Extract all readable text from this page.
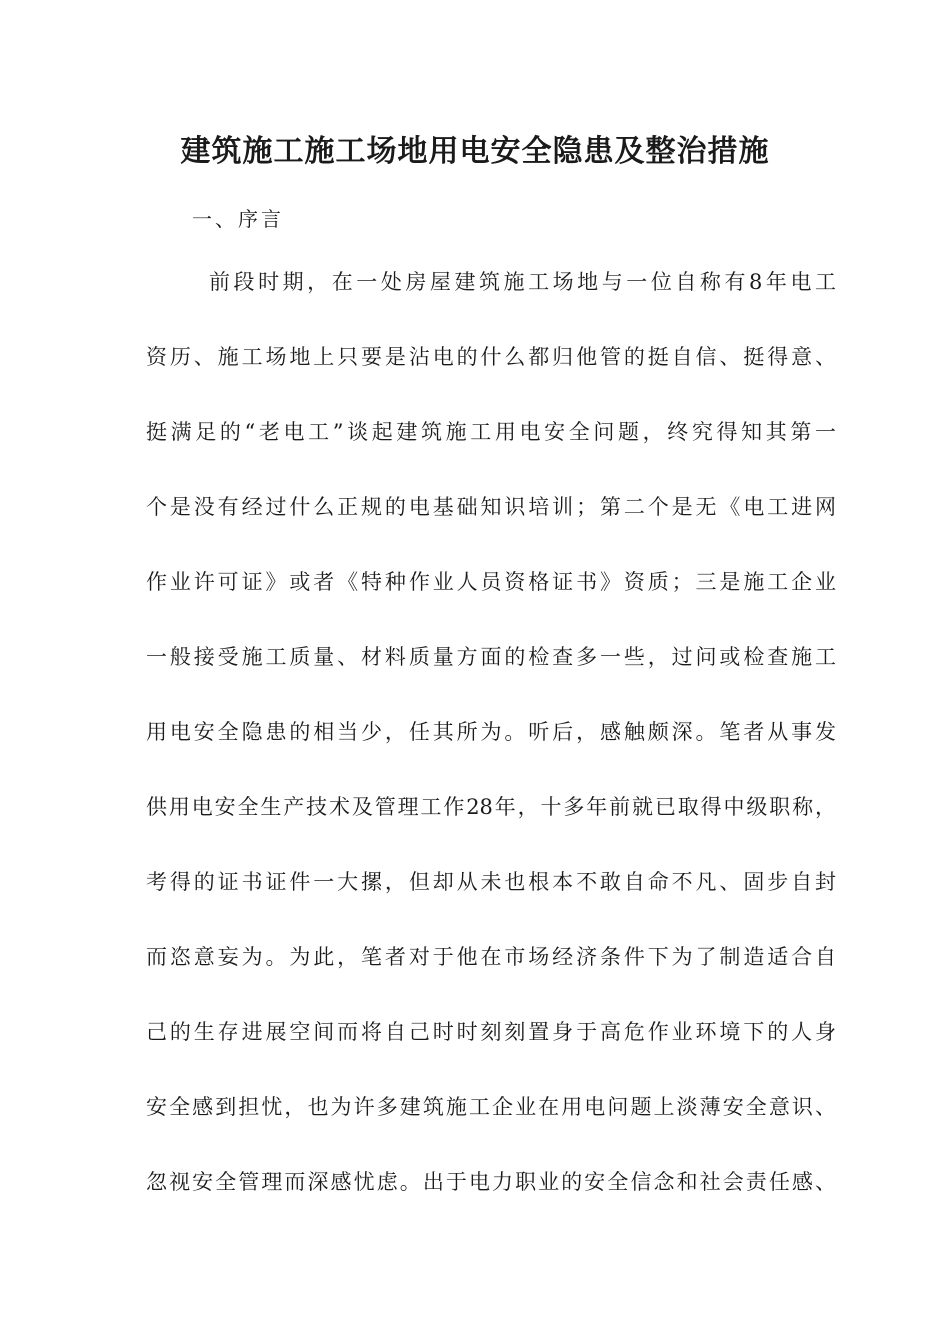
建筑施工施工场地用电安全隐患及整治措施
一、序言
前段时期，在一处房屋建筑施工场地与一位自称有8年电工
资历、施工场地上只要是沾电的什么都归他管的挺自信、挺得意、
挺满足的“老电工”谈起建筑施工用电安全问题，终究得知其第一
个是没有经过什么正规的电基础知识培训；第二个是无《电工进网
作业许可证》或者《特种作业人员资格证书》资质；三是施工企业
一般接受施工质量、材料质量方面的检查多一些，过问或检查施工
用电安全隐患的相当少，任其所为。听后，感触颇深。笔者从事发
供用电安全生产技术及管理工作28年，十多年前就已取得中级职称，
考得的证书证件一大摞，但却从未也根本不敢自命不凡、固步自封
而恣意妄为。为此，笔者对于他在市场经济条件下为了制造适合自
己的生存进展空间而将自己时时刻刻置身于高危作业环境下的人身
安全感到担忧，也为许多建筑施工企业在用电问题上淡薄安全意识、
忽视安全管理而深感忧虑。出于电力职业的安全信念和社会责任感、
